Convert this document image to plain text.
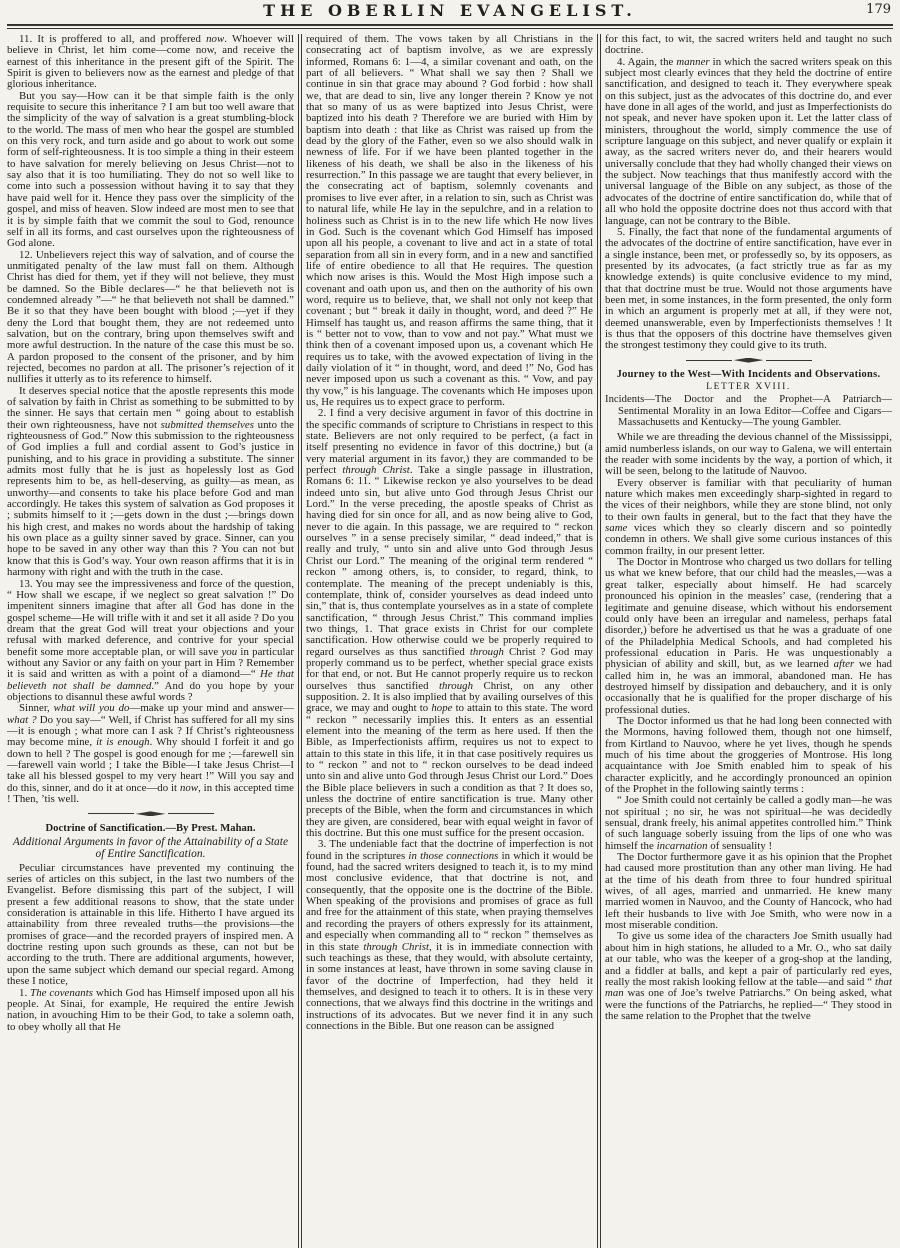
THE OBERLIN EVANGELIST.	179
11. It is proffered to all, and proffered now. Whoever will believe in Christ, let him come—come now, and receive the earnest of this inheritance in the present gift of the Spirit. The Spirit is given to believers now as the earnest and pledge of that glorious inheritance.
But you say—How can it be that simple faith is the only requisite to secure this inheritance ? I am but too well aware that the simplicity of the way of salvation is a great stumbling-block to the world. The mass of men who hear the gospel are stumbled on this very rock, and turn aside and go about to work out some form of self-righteousness. It is too simple a thing in their esteem to have salvation for merely believing on Jesus Christ—not to say also that it is too humiliating. They do not so well like to come into such a possession without having it to say that they have paid well for it. Hence they pass over the simplicity of the gospel, and miss of heaven. Slow indeed are most men to see that it is by simple faith that we commit the soul to God, renounce self in all its forms, and cast ourselves upon the righteousness of God alone.
12. Unbelievers reject this way of salvation, and of course the unmitigated penalty of the law must fall on them. Although Christ has died for them, yet if they will not believe, they must be damned. So the Bible declares—“ he that believeth not is condemned already ”—“ he that believeth not shall be damned.” Be it so that they have been bought with blood ;—yet if they deny the Lord that bought them, they are not redeemed unto salvation, but on the contrary, bring upon themselves swift and more awful destruction. In the nature of the case this must be so. A pardon proposed to the consent of the prisoner, and by him rejected, becomes no pardon at all. The prisoner’s rejection of it nullifies it utterly as to its reference to himself.
It deserves special notice that the apostle represents this mode of salvation by faith in Christ as something to be submitted to by the sinner. He says that certain men “ going about to establish their own righteousness, have not submitted themselves unto the righteousness of God.” Now this submission to the righteousness of God implies a full and cordial assent to God’s justice in punishing, and to his grace in providing a substitute. The sinner admits most fully that he is just as hopelessly lost as God represents him to be, as hell-deserving, as guilty—as mean, as unworthy—and consents to take his place before God and man accordingly. He takes this system of salvation as God proposes it ; submits himself to it ;—gets down in the dust ;—brings down his high crest, and makes no words about the hardship of taking his own place as a guilty sinner saved by grace. Sinner, can you hope to be saved in any other way than this ? You can not but know that this is God’s way. Your own reason affirms that it is in harmony with right and with the truth in the case.
13. You may see the impressiveness and force of the question, “ How shall we escape, if we neglect so great salvation !” Do impenitent sinners imagine that after all God has done in the gospel scheme—He will trifle with it and set it all aside ? Do you dream that the great God will treat your objections and your refusal with marked deference, and contrive for your special benefit some more acceptable plan, or will save you in particular without any Savior or any faith on your part in Him ? Remember it is said and written as with a point of a diamond—“ He that believeth not shall be damned.” And do you hope by your objections to disannul these awful words ?
Sinner, what will you do—make up your mind and answer—what ? Do you say—“ Well, if Christ has suffered for all my sins—it is enough ; what more can I ask ? If Christ’s righteousness may become mine, it is enough. Why should I forfeit it and go down to hell ? The gospel is good enough for me ;—farewell sin—farewell vain world ; I take the Bible—I take Jesus Christ—I take all his blessed gospel to my very heart !” Will you say and do this, sinner, and do it at once—do it now, in this accepted time ! Then, ’tis well.
Doctrine of Sanctification.—By Prest. Mahan.
Additional Arguments in favor of the Attainability of a State of Entire Sanctification.
Peculiar circumstances have prevented my continuing the series of articles on this subject, in the last two numbers of the Evangelist. Before dismissing this part of the subject, I will present a few additional reasons to show, that the state under consideration is attainable in this life. Hitherto I have argued its attainability from three revealed truths—the provisions—the promises of grace—and the recorded prayers of inspired men. A doctrine resting upon such grounds as these, can not but be according to the truth. There are additional arguments, however, upon the same subject which demand our special regard. Among these I notice,
1. The covenants which God has Himself imposed upon all his people. At Sinai, for example, He required the entire Jewish nation, in avouching Him to be their God, to take a solemn oath, to obey wholly all that He
required of them. The vows taken by all Christians in the consecrating act of baptism involve, as we are expressly informed, Romans 6: 1—4, a similar covenant and oath, on the part of all believers. “ What shall we say then ? Shall we continue in sin that grace may abound ? God forbid : how shall we, that are dead to sin, live any longer therein ? Know ye not that so many of us as were baptized into Jesus Christ, were baptized into his death ? Therefore we are buried with Him by baptism into death : that like as Christ was raised up from the dead by the glory of the Father, even so we also should walk in newness of life. For if we have been planted together in the likeness of his death, we shall be also in the likeness of his resurrection.” In this passage we are taught that every believer, in the consecrating act of baptism, solemnly covenants and promises to live ever after, in a relation to sin, such as Christ was to natural life, while He lay in the sepulchre, and in a relation to holiness such as Christ is in to the new life which He now lives in God. Such is the covenant which God Himself has imposed upon all his people, a covenant to live and act in a state of total separation from all sin in every form, and in a new and sanctified life of entire obedience to all that He requires. The question which now arises is this. Would the Most High impose such a covenant and oath upon us, and then on the authority of his own word, require us to believe, that, we shall not only not keep that covenant ; but “ break it daily in thought, word, and deed ?” He Himself has taught us, and reason affirms the same thing, that it is “ better not to vow, than to vow and not pay.” What must we think then of a covenant imposed upon us, a covenant which He requires us to take, with the avowed expectation of living in the daily violation of it “ in thought, word, and deed !” No, God has never imposed upon us such a covenant as this. “ Vow, and pay thy vow,” is his language. The covenants which He imposes upon us, He requires us to expect grace to perform.
2. I find a very decisive argument in favor of this doctrine in the specific commands of scripture to Christians in respect to this state. Believers are not only required to be perfect, (a fact in itself presenting no evidence in favor of this doctrine,) but (a very material argument in its favor,) they are commanded to be perfect through Christ. Take a single passage in illustration, Romans 6: 11. “ Likewise reckon ye also yourselves to be dead indeed unto sin, but alive unto God through Jesus Christ our Lord.” In the verse preceding, the apostle speaks of Christ as having died for sin once for all, and as now being alive to God, never to die again. In this passage, we are required to “ reckon ourselves ” in a sense precisely similar, “ dead indeed,” that is really and truly, “ unto sin and alive unto God through Jesus Christ our Lord.” The meaning of the original term rendered “ reckon ” among others, is, to consider, to regard, think, to contemplate. The meaning of the precept undeniably is this, contemplate, think of, consider yourselves as dead indeed unto sin,” that is, thus contemplate yourselves as in a state of complete sanctification, “ through Jesus Christ.” This command implies two things, 1. That grace exists in Christ for our complete sanctification. How otherwise could we be properly required to regard ourselves as thus sanctified through Christ ? God may properly command us to be perfect, whether special grace exists for that end, or not. But He cannot properly require us to reckon ourselves thus sanctified through Christ, on any other supposition. 2. It is also implied that by availing ourselves of this grace, we may and ought to hope to attain to this state. The word “ reckon ” necessarily implies this. It enters as an essential element into the meaning of the term as here used. If then the Bible, as Imperfectionists affirm, requires us not to expect to attain to this state in this life, it in that case positively requires us to “ reckon ” and not to “ reckon ourselves to be dead indeed unto sin and alive unto God through Jesus Christ our Lord.” Does the Bible place believers in such a condition as that ? It does so, unless the doctrine of entire sanctification is true. Many other precepts of the Bible, when the form and circumstances in which they are given, are considered, bear with equal weight in favor of this doctrine. But this one must suffice for the present occasion.
3. The undeniable fact that the doctrine of imperfection is not found in the scriptures in those connections in which it would be found, had the sacred writers designed to teach it, is to my mind most conclusive evidence, that that doctrine is not, and consequently, that the opposite one is the doctrine of the Bible. When speaking of the provisions and promises of grace as full and free for the attainment of this state, when praying themselves and recording the prayers of others expressly for its attainment, and especially when commanding all to “ reckon ” themselves as in this state through Christ, it is in immediate connection with such teachings as these, that they would, with absolute certainty, in some instances at least, have thrown in some saving clause in favor of the doctrine of Imperfection, had they held it themselves, and designed to teach it to others. It is in these very connections, that we always find this doctrine in the writings and instructions of its advocates. But we never find it in any such connections in the Bible. But one reason can be assigned
for this fact, to wit, the sacred writers held and taught no such doctrine.
4. Again, the manner in which the sacred writers speak on this subject most clearly evinces that they held the doctrine of entire sanctification, and designed to teach it. They everywhere speak on this subject, just as the advocates of this doctrine do, and ever have done in all ages of the world, and just as Imperfectionists do not speak, and never have spoken upon it. Let the latter class of ministers, throughout the world, simply commence the use of scripture language on this subject, and never qualify or explain it away, as the sacred writers never do, and their hearers would universally conclude that they had wholly changed their views on the subject. Now teachings that thus manifestly accord with the universal language of the Bible on any subject, as those of the advocates of the doctrine of entire sanctification do, while that of all who hold the opposite doctrine does not thus accord with that language, can not be contrary to the Bible.
5. Finally, the fact that none of the fundamental arguments of the advocates of the doctrine of entire sanctification, have ever in a single instance, been met, or professedly so, by its opposers, as presented by its advocates, (a fact strictly true as far as my knowledge extends) is quite conclusive evidence to my mind, that that doctrine must be true. Would not those arguments have been met, in some instances, in the form presented, the only form in which an argument is properly met at all, if they were not, deemed unanswerable, even by Imperfectionists themselves ! It is thus that the opposers of this doctrine have themselves given the strongest testimony they could give to its truth.
Journey to the West—With Incidents and Observations.
LETTER XVIII.
Incidents—The Doctor and the Prophet—A Patriarch—Sentimental Morality in an Iowa Editor—Coffee and Cigars—Massachusetts and Kentucky—The young Gambler.
While we are threading the devious channel of the Mississippi, amid numberless islands, on our way to Galena, we will entertain the reader with some incidents by the way, a portion of which, it will be seen, belong to the latitude of Nauvoo.
Every observer is familiar with that peculiarity of human nature which makes men exceedingly sharp-sighted in regard to the vices of their neighbors, while they are stone blind, not only to their own faults in general, but to the fact that they have the same vices which they so clearly discern and so pointedly condemn in others. We shall give some curious instances of this common frailty, in our present letter.
The Doctor in Montrose who charged us two dollars for telling us what we knew before, that our child had the measles,—was a great talker, especially about himself. He had scarcely pronounced his opinion in the measles’ case, (rendering that a legitimate and genuine disease, which without his endorsement could only have been an irregular and nameless, perhaps fatal disorder,) before he advertised us that he was a graduate of one of the Philadelphia Medical Schools, and had completed his professional education in Paris. He was unquestionably a physician of ability and skill, but, as we learned after we had called him in, he was an immoral, abandoned man. He has destroyed himself by dissipation and debauchery, and it is only occasionally that he is qualified for the proper discharge of his professional duties.
The Doctor informed us that he had long been connected with the Mormons, having followed them, though not one himself, from Kirtland to Nauvoo, where he yet lives, though he spends much of his time about the groggeries of Montrose. His long acquaintance with Joe Smith enabled him to speak of his character explicitly, and he accordingly pronounced an opinion of the Prophet in the following saintly terms :
“ Joe Smith could not certainly be called a godly man—he was not spiritual ; no sir, he was not spiritual—he was decidedly sensual, drank freely, his animal appetites controlled him.” Think of such language soberly issuing from the lips of one who was himself the incarnation of sensuality !
The Doctor furthermore gave it as his opinion that the Prophet had caused more prostitution than any other man living. He had at the time of his death from three to four hundred spiritual wives, of all ages, married and unmarried. He knew many married women in Nauvoo, and the County of Hancock, who had left their husbands to live with Joe Smith, who were now in a most miserable condition.
To give us some idea of the characters Joe Smith usually had about him in high stations, he alluded to a Mr. O., who sat daily at our table, who was the keeper of a grog-shop at the landing, and a fiddler at balls, and kept a pair of particularly red eyes, really the most rakish looking fellow at the table—and said “ that man was one of Joe’s twelve Patriarchs.” On being asked, what were the functions of the Patriarchs, he replied—“ They stood in the same relation to the Prophet that the twelve
